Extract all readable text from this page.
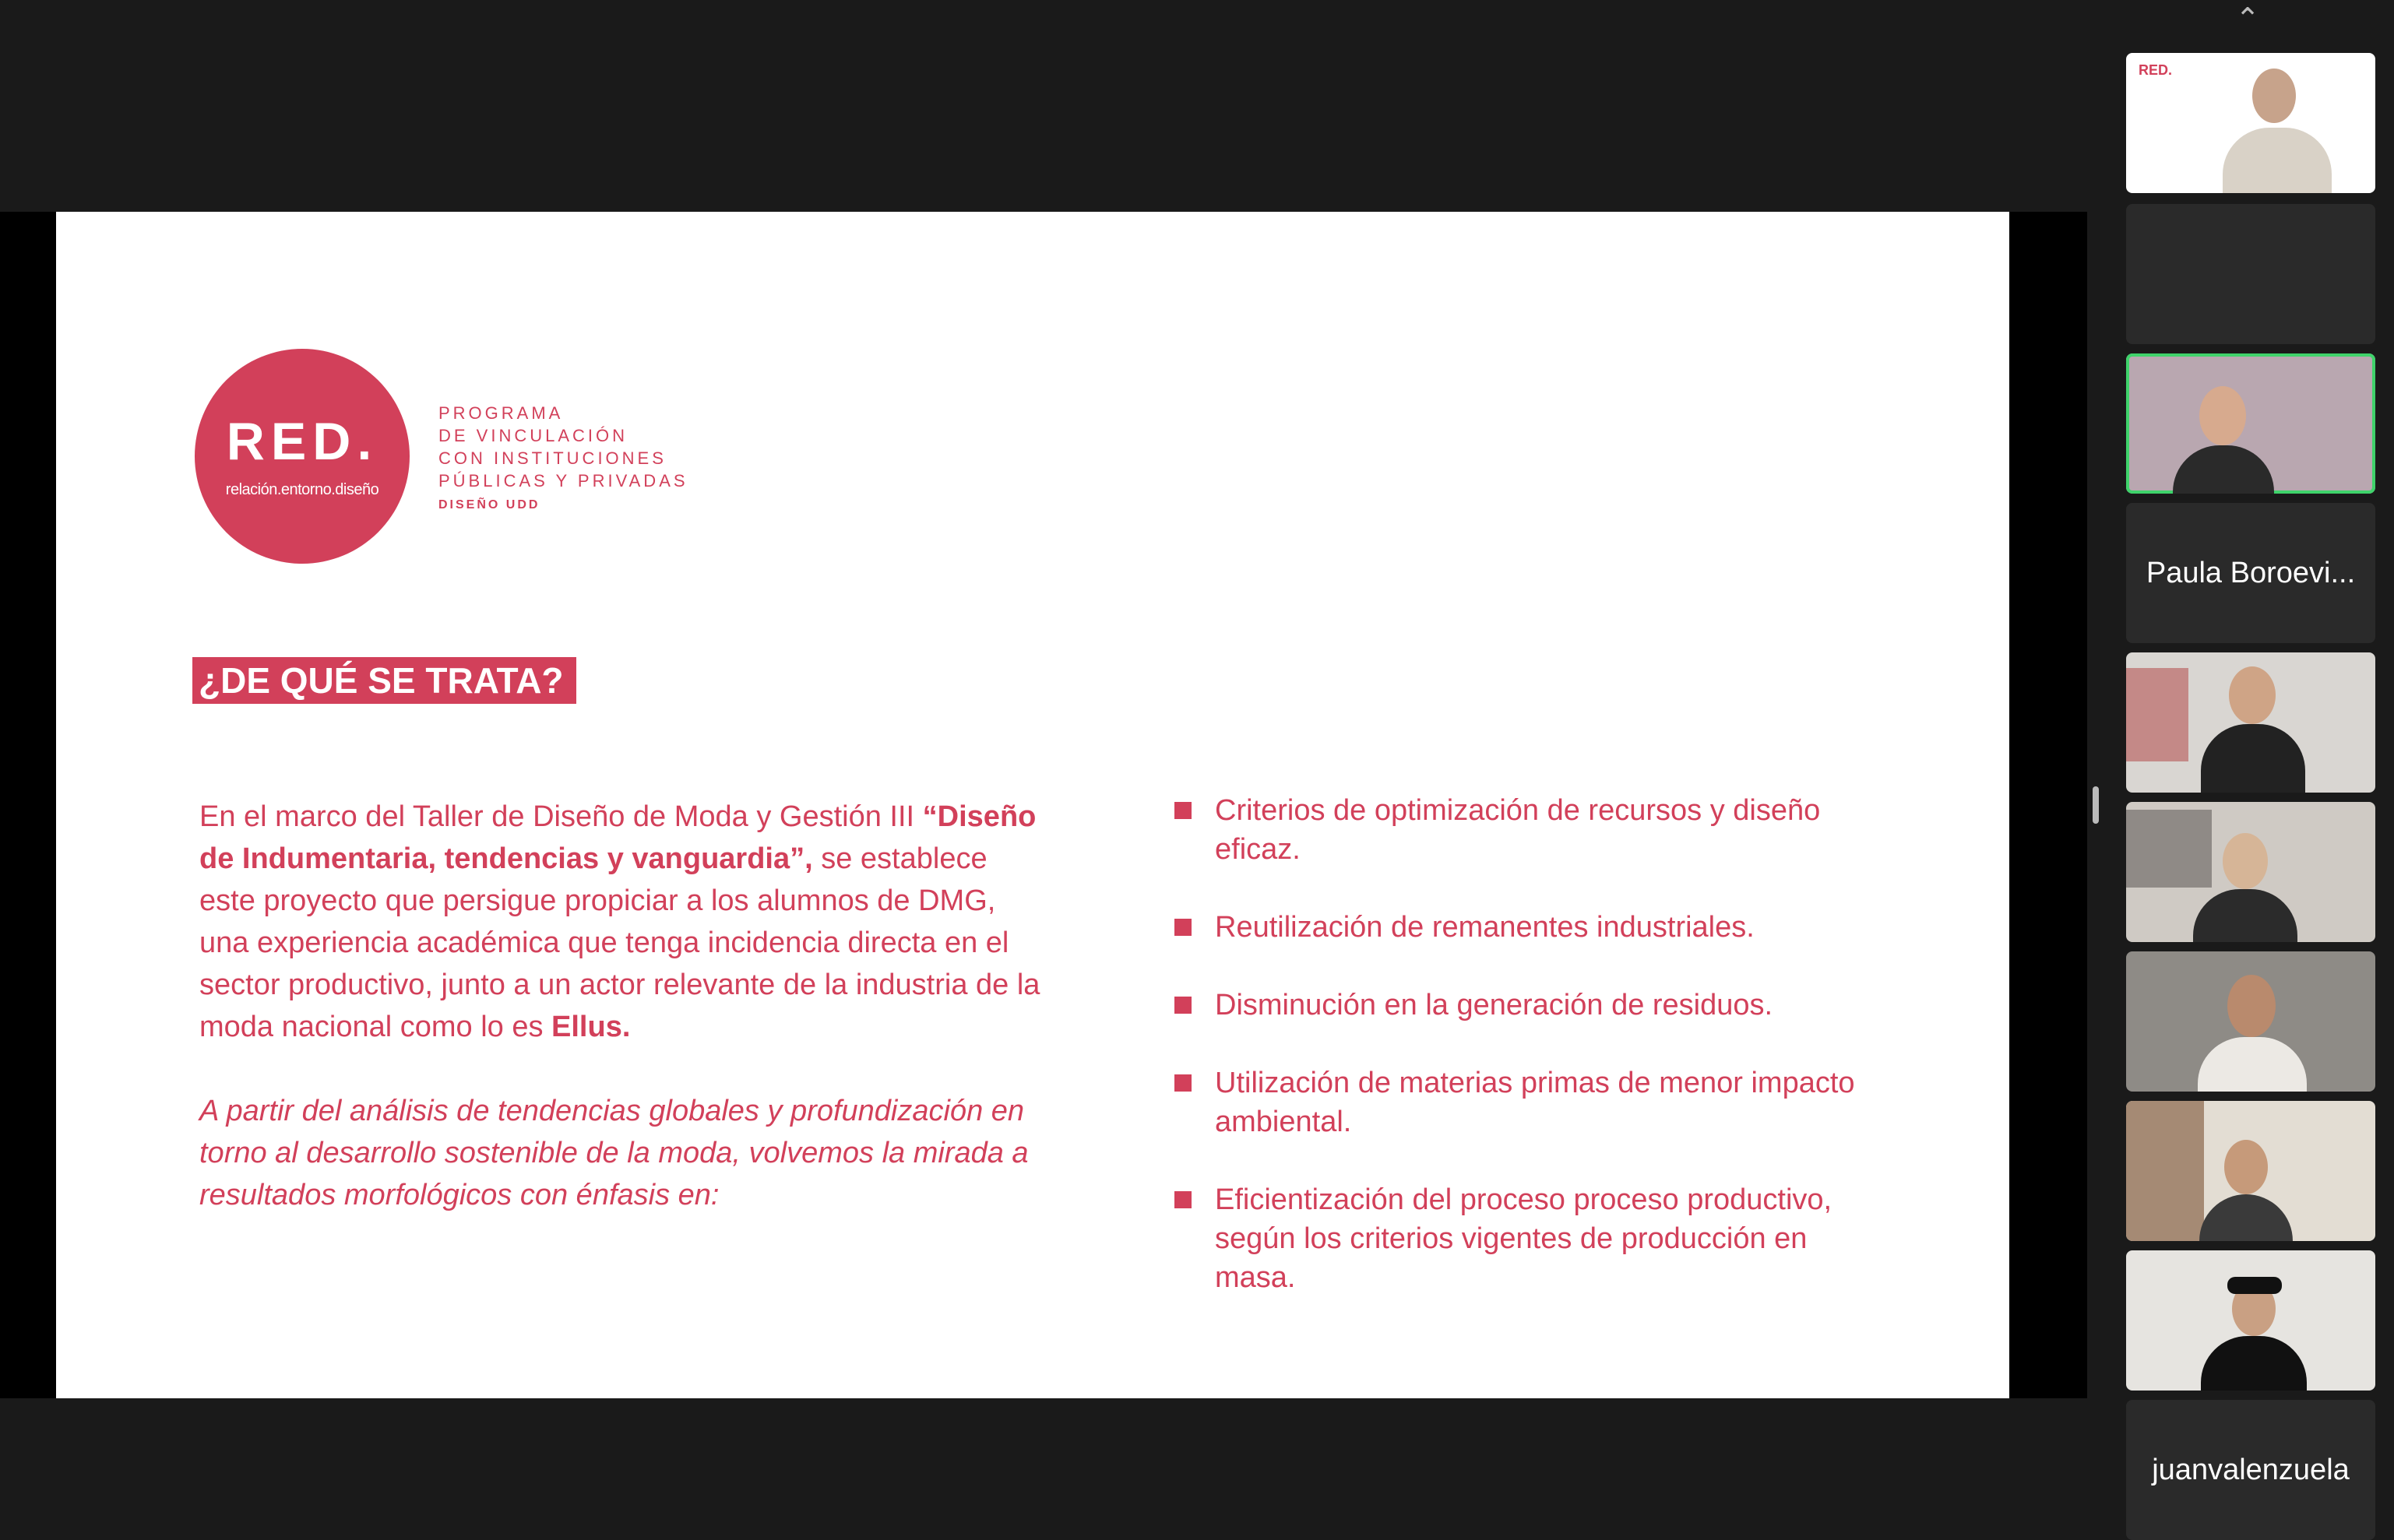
RED.
relación.entorno.diseño
PROGRAMA
DE VINCULACIÓN
CON INSTITUCIONES
PÚBLICAS Y PRIVADAS
DISEÑO UDD
¿DE QUÉ SE TRATA?
En el marco del Taller de Diseño de Moda y Gestión III “Diseño de Indumentaria, tendencias y vanguardia”, se establece este proyecto que persigue propiciar a los alumnos de DMG, una experiencia académica que tenga incidencia directa en el sector productivo, junto a un actor relevante de la industria de la moda nacional como lo es Ellus.
A partir del análisis de tendencias globales y profundización en torno al desarrollo sostenible de la moda, volvemos la mirada a resultados morfológicos con énfasis en:
Criterios de optimización de recursos y diseño eficaz.
Reutilización de remanentes industriales.
Disminución en la generación de residuos.
Utilización de materias primas de menor impacto ambiental.
Eficientización del proceso proceso productivo, según los criterios vigentes de producción en masa.
⌃
RED.
Paula Boroevi...
juanvalenzuela
